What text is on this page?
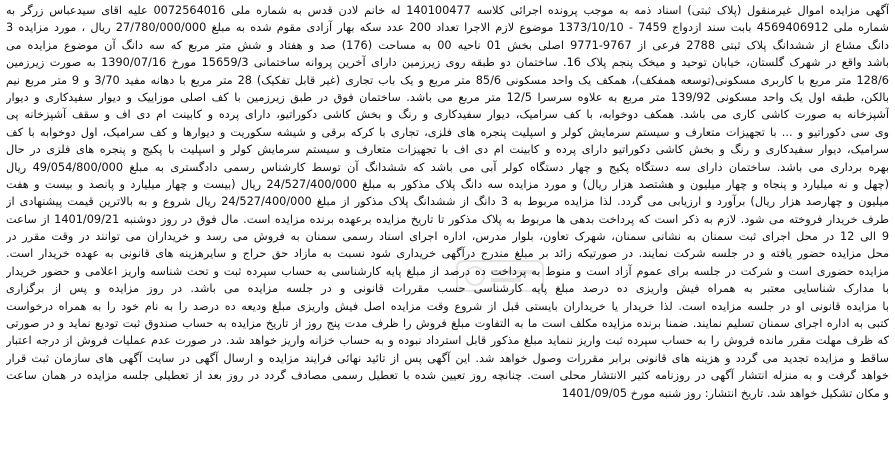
آگهی مزایده اموال غیرمنقول (پلاک ثبتی) اسناد ذمه به موجب پرونده اجرائی کلاسه 140100477 له خانم لادن قدس به شماره ملی 0072564016 علیه اقای سیدعباس زرگر به
شماره ملی 4569406912 بابت سند ازدواج 7459 - 1373/10/10 موضوع لازم الاجرا تعداد 200 عدد سکه بهار آزادی مقوم شده به مبلغ 27/780/000/000 ریال ، مورد مزایده 3
دانگ مشاع از ششدانگ پلاک ثبتی 2788 فرعی از 9767-9771 اصلی بخش 01 ناحیه 00 به مساحت (176) صد و هفتاد و شش متر مربع که سه دانگ آن موضوع مزایده می
باشد واقع در شهرک گلستان، خیابان توحید و میخک پنجم پلاک 16. ساختمان دو طبقه روی زیرزمین دارای آخرین پروانه ساختمانی 15659/3 مورخ 1390/07/16 به صورت زیرزمین
128/6 متر مربع با کاربری مسکونی(توسعه همفکف)، همکف یک واحد مسکونی 85/6 متر مربع و یک باب تجاری (غیر قابل تفکیک) 28 متر مربع با دهانه مفید 3/70 و 9 متر مربع نیم
بالکن، طبقه اول یک واحد مسکونی 139/92 متر مربع به علاوه سرسرا 12/5 متر مربع می باشد. ساختمان فوق در طبق زیرزمین با کف اصلی موزاییک و دیوار سفیدکاری و دیوار
آشپزخانه به صورت کاشی کاری می باشد. همکف دوخوابه، با کف سرامیک، دیوار سفیدکاری و رنگ و بخش کاشی دکوراتیو، دارای پرده و کابینت ام دی اف و سقف آشپزخانه پی
وی سی دکوراتیو و ... با تجهیزات متعارف و سیستم سرمایش کولر و اسپلیت پنجره های فلزی، تجاری با کرکه برقی و شیشه سکوریت و دیوارها و کف سرامیک، اول دوخوابه با کف
سرامیک، دیوار سفیدکاری و رنگ و بخش کاشی دکوراتیو دارای پرده و کابینت ام دی اف با تجهیزات متعارف و سیستم سرمایش کولر و اسپلیت با پکیج و پنجره های فلزی در حال
بهره برداری می باشد. ساختمان دارای سه دستگاه پکیج و چهار دستگاه کولر آبی می باشد که ششدانگ آن توسط کارشناس رسمی دادگستری به مبلغ 49/054/800/000 ریال
(چهل و نه میلیارد و پنجاه و چهار میلیون و هشتصد هزار ریال) و مورد مزایده سه دانگ پلاک مذکور به مبلغ 24/527/400/000 ریال (بیست و چهار میلیارد و پانصد و بیست و هفت
میلیون و چهارصد هزار ریال) برآورد و ارزیابی می گردد. لذا مزایده مربوط به 3 دانگ از ششدانگ پلاک مذکور از مبلغ 24/527/400/000 ریال شروع و به بالاترین قیمت پیشنهادی از
طرف خریدار فروخته می شود. لازم به ذکر است که پرداخت بدهی ها مربوط به پلاک مذکور تا تاریخ مزایده برعهده برنده مزایده است. مال فوق در روز دوشنبه 1401/09/21 از ساعت
9 الی 12 در محل اجرای ثبت سمنان به نشانی سمنان، شهرک تعاون، بلوار مدرس، اداره اجرای اسناد رسمی سمنان به فروش می رسد و خریداران می توانند در وقت مقرر در
محل مزایده حضور یافته و در جلسه شرکت نمایند. در صورتیکه زائد بر مبلغ مندرج درآگهی خریداری شود نسبت به مازاد حق حراج و سایرهزینه های قانونی به عهده خریدار است.
مزایده حضوری است و شرکت در جلسه برای عموم آزاد است و منوط به پرداخت ده درصد از مبلغ پایه کارشناسی به حساب سپرده ثبت و تحت شناسه واریز اعلامی و حضور خریدار
با مدارک شناسایی معتبر به همراه فیش واریزی ده درصد مبلغ پایه کارشناسی حسب مقررات قانونی و در جلسه مزایده می باشد. در روز مزایده و پس از برگزاری
با مزایده قانونی او در جلسه مزایده است. لذا خریدار یا خریداران بایستی قبل از شروع وقت مزایده اصل فیش واریزی مبلغ ودیعه ده درصد را به نام خود را به همراه درخواست
کتبی به اداره اجرای سمنان تسلیم نمایند. ضمنا برنده مزایده مکلف است ما به التفاوت مبلغ فروش را ظرف مدت پنج روز از تاریخ مزایده به حساب صندوق ثبت تودیع نماید و در صورتی
که ظرف مهلت مقرر مانده فروش را به حساب سپرده ثبت واریز ننماید مبلغ مذکور قابل استرداد نبوده و به حساب خزانه واریز خواهد شد. در صورت عدم عملیات فروش از درجه اعتبار
ساقط و مزایده تجدید می گردد و هزینه های قانونی برابر مقررات وصول خواهد شد. این آگهی پس از تائید نهائی فرایند مزایده و ارسال آگهی در سایت آگهی های سازمان ثبت قرار
خواهد گرفت و به منزله انتشار آگهی در روزنامه کثیر الانتشار محلی است. چنانچه روز تعیین شده با تعطیل رسمی مصادف گردد در روز بعد از تعطیلی جلسه مزایده در همان ساعت
و مکان تشکیل خواهد شد. تاریخ انتشار: روز شنبه مورخ 1401/09/05
